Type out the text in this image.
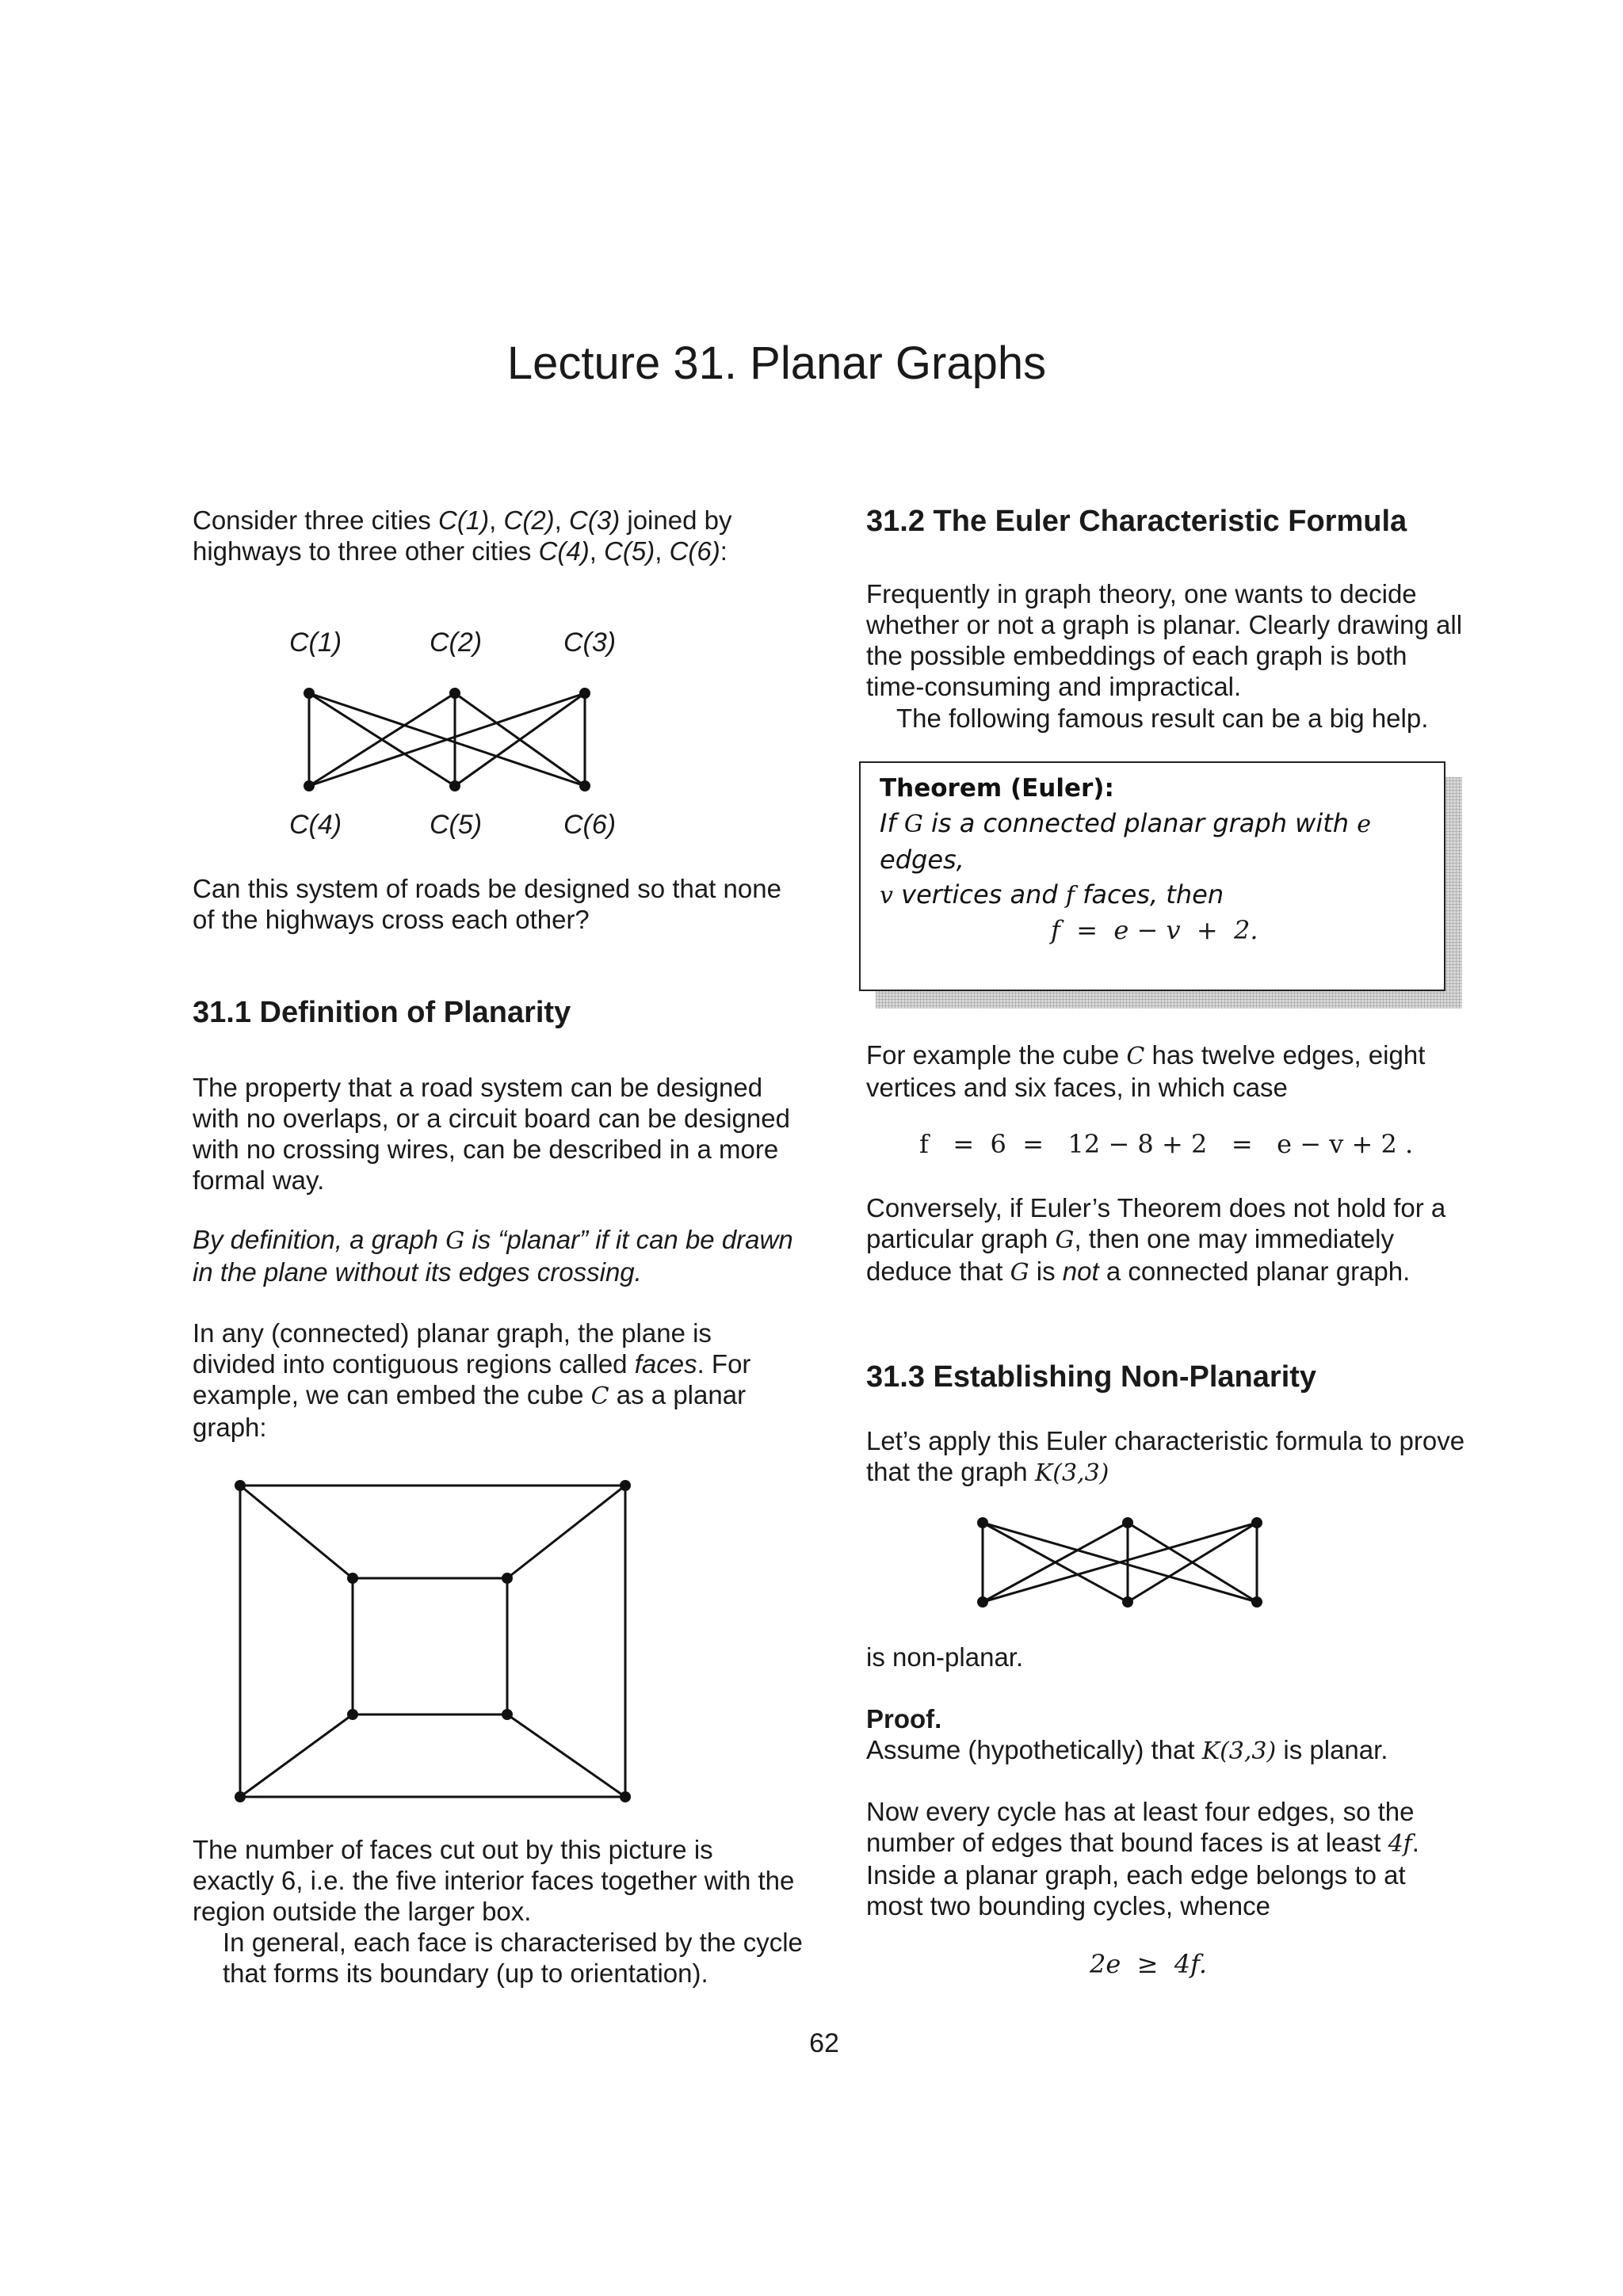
Lecture 31. Planar Graphs
Consider three cities C(1), C(2), C(3) joined by highways to three other cities C(4), C(5), C(6):
C(1)	C(2)	C(3)
C(4)	C(5)	C(6)
Can this system of roads be designed so that none of the highways cross each other?
31.1 Definition of Planarity
The property that a road system can be designed with no overlaps, or a circuit board can be designed with no crossing wires, can be described in a more formal way.
By definition, a graph G is “planar” if it can be drawn in the plane without its edges crossing.
In any (connected) planar graph, the plane is divided into contiguous regions called faces. For example, we can embed the cube C as a planar graph:
The number of faces cut out by this picture is exactly 6, i.e. the five interior faces together with the region outside the larger box.
In general, each face is characterised by the cycle that forms its boundary (up to orientation).
31.2 The Euler Characteristic Formula
Frequently in graph theory, one wants to decide whether or not a graph is planar. Clearly drawing all the possible embeddings of each graph is both time-consuming and impractical.
The following famous result can be a big help.
Theorem (Euler):
If G is a connected planar graph with e edges,
v vertices and f faces, then
f  =  e − v  +  2.
For example the cube C has twelve edges, eight vertices and six faces, in which case
f   =  6  =   12 − 8 + 2   =   e − v + 2 .
Conversely, if Euler’s Theorem does not hold for a particular graph G, then one may immediately deduce that G is not a connected planar graph.
31.3 Establishing Non-Planarity
Let’s apply this Euler characteristic formula to prove that the graph K(3,3)
is non-planar.
Proof.
Assume (hypothetically) that K(3,3) is planar.
Now every cycle has at least four edges, so the number of edges that bound faces is at least 4f. Inside a planar graph, each edge belongs to at most two bounding cycles, whence
2e  ≥  4f.
62
